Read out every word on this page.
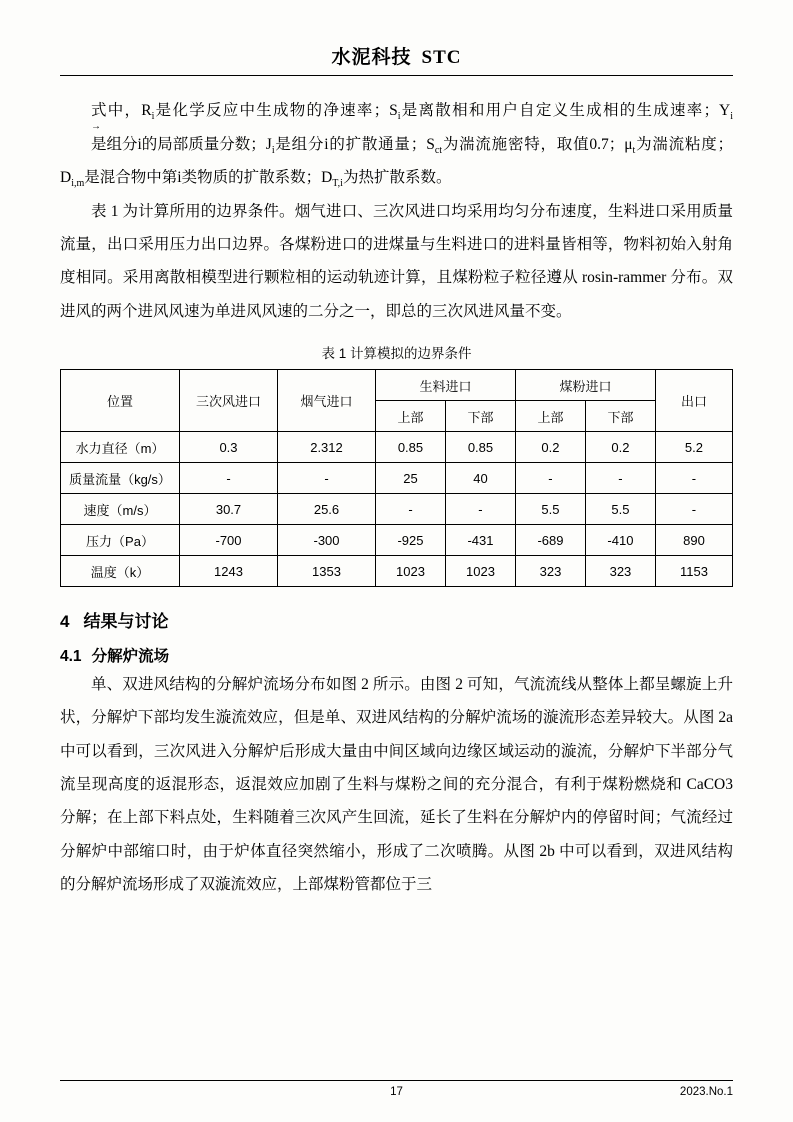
水泥科技 STC

式中，$R_i$是化学反应中生成物的净速率；$S_i$是离散相和用户自定义生成相的生成速率；$Y_i$
→
是组分i的局部质量分数；$J_i$是组分i的扩散通量；$S_{ct}$为湍流施密特，取值0.7；$\mu_t$为湍流粘度；$D_{i,m}$是混合物中第i类物质的扩散系数；$D_{T,i}$为热扩散系数。

表 1 为计算所用的边界条件。烟气进口、三次风进口均采用均匀分布速度，生料进口采用质量流量，出口采用压力出口边界。各煤粉进口的进煤量与生料进口的进料量皆相等，物料初始入射角度相同。采用离散相模型进行颗粒相的运动轨迹计算，且煤粉粒子粒径遵从 rosin-rammer 分布。双进风的两个进风风速为单进风风速的二分之一，即总的三次风进风量不变。

表 1 计算模拟的边界条件
位置	三次风进口	烟气进口	生料进口		煤粉进口		出口
			上部	下部	上部	下部	
水力直径（m）	0.3	2.312	0.85	0.85	0.2	0.2	5.2
质量流量（kg/s）	-	-	25	40	-	-	-
速度（m/s）	30.7	25.6	-	-	5.5	5.5	-
压力（Pa）	-700	-300	-925	-431	-689	-410	890
温度（k）	1243	1353	1023	1023	323	323	1153
4 结果与讨论
4.1 分解炉流场

单、双进风结构的分解炉流场分布如图 2 所示。由图 2 可知，气流流线从整体上都呈螺旋上升状，分解炉下部均发生漩流效应，但是单、双进风结构的分解炉流场的漩流形态差异较大。从图 2a 中可以看到，三次风进入分解炉后形成大量由中间区域向边缘区域运动的漩流，分解炉下半部分气流呈现高度的返混形态，返混效应加剧了生料与煤粉之间的充分混合，有利于煤粉燃烧和 CaCO3 分解；在上部下料点处，生料随着三次风产生回流，延长了生料在分解炉内的停留时间；气流经过分解炉中部缩口时，由于炉体直径突然缩小，形成了二次喷腾。从图 2b 中可以看到，双进风结构的分解炉流场形成了双漩流效应，上部煤粉管都位于三

17	2023.No.1
